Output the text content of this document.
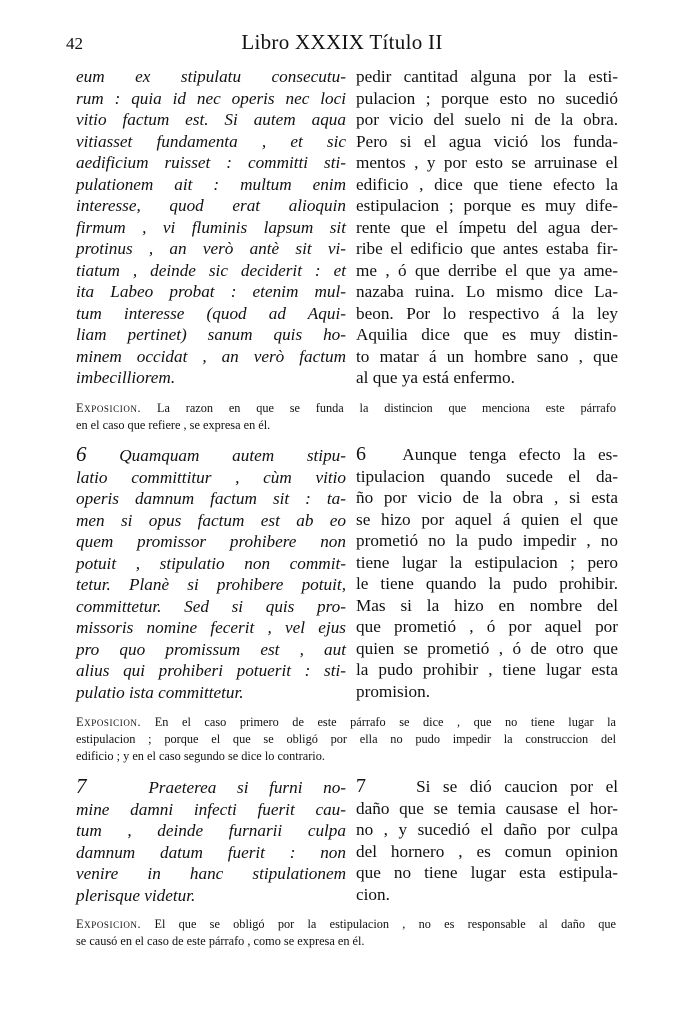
42	Libro XXXIX Título II
eum ex stipulatu consecutu-
rum : quia id nec operis nec loci
vitio factum est. Si autem aqua
vitiasset fundamenta , et sic
aedificium ruisset : committi sti-
pulationem ait : multum enim
interesse, quod erat alioquin
firmum , vi fluminis lapsum sit
protinus , an verò antè sit vi-
tiatum , deinde sic deciderit : et
ita Labeo probat : etenim mul-
tum interesse (quod ad Aqui-
liam pertinet) sanum quis ho-
minem occidat , an verò factum
imbecilliorem.
pedir cantitad alguna por la esti-
pulacion ; porque esto no sucedió
por vicio del suelo ni de la obra.
Pero si el agua vició los funda-
mentos , y por esto se arruinase el
edificio , dice que tiene efecto la
estipulacion ; porque es muy dife-
rente que el ímpetu del agua der-
ribe el edificio que antes estaba fir-
me , ó que derribe el que ya ame-
nazaba ruina. Lo mismo dice La-
beon. Por lo respectivo á la ley
Aquilia dice que es muy distin-
to matar á un hombre sano , que
al que ya está enfermo.
Exposicion. La razon en que se funda la distincion que menciona este párrafo
en el caso que refiere , se expresa en él.
6 Quamquam autem stipu-
latio committitur , cùm vitio
operis damnum factum sit : ta-
men si opus factum est ab eo
quem promissor prohibere non
potuit , stipulatio non commit-
tetur. Planè si prohibere potuit,
committetur. Sed si quis pro-
missoris nomine fecerit , vel ejus
pro quo promissum est , aut
alius qui prohiberi potuerit : sti-
pulatio ista committetur.
6 Aunque tenga efecto la es-
tipulacion quando sucede el da-
ño por vicio de la obra , si esta
se hizo por aquel á quien el que
prometió no la pudo impedir , no
tiene lugar la estipulacion ; pero
le tiene quando la pudo prohibir.
Mas si la hizo en nombre del
que prometió , ó por aquel por
quien se prometió , ó de otro que
la pudo prohibir , tiene lugar esta
promision.
Exposicion. En el caso primero de este párrafo se dice , que no tiene lugar la
estipulacion ; porque el que se obligó por ella no pudo impedir la construccion del
edificio ; y en el caso segundo se dice lo contrario.
7	Praeterea si furni no-
mine damni infecti fuerit cau-
tum , deinde furnarii culpa
damnum datum fuerit : non
venire in hanc stipulationem
plerisque videtur.
7	Si se dió caucion por el
daño que se temia causase el hor-
no , y sucedió el daño por culpa
del hornero , es comun opinion
que no tiene lugar esta estipula-
cion.
Exposicion. El que se obligó por la estipulacion , no es responsable al daño que
se causó en el caso de este párrafo , como se expresa en él.
